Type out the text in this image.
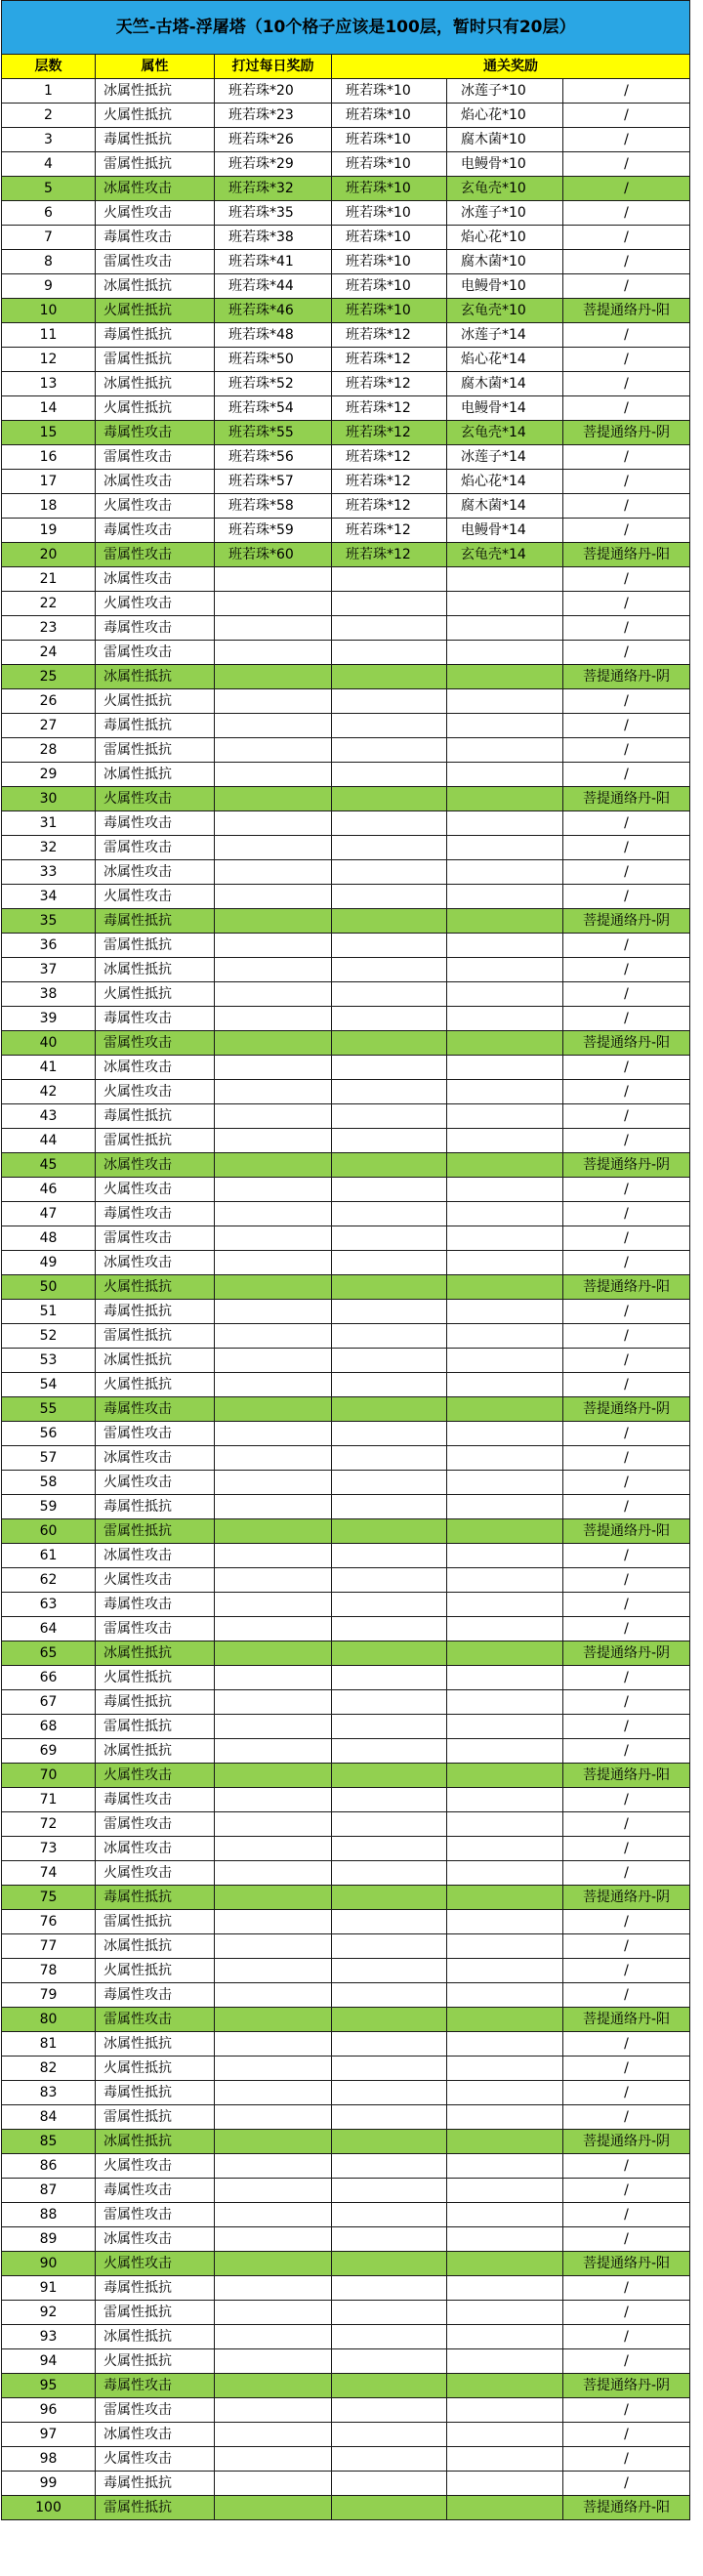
天竺-古塔-浮屠塔（10个格子应该是100层，暂时只有20层）					
层数	属性	打过每日奖励	通关奖励		
1	冰属性抵抗	班若珠*20	班若珠*10	冰莲子*10	/
2	火属性抵抗	班若珠*23	班若珠*10	焰心花*10	/
3	毒属性抵抗	班若珠*26	班若珠*10	腐木菌*10	/
4	雷属性抵抗	班若珠*29	班若珠*10	电鳗骨*10	/
5	冰属性攻击	班若珠*32	班若珠*10	玄龟壳*10	/
6	火属性攻击	班若珠*35	班若珠*10	冰莲子*10	/
7	毒属性攻击	班若珠*38	班若珠*10	焰心花*10	/
8	雷属性攻击	班若珠*41	班若珠*10	腐木菌*10	/
9	冰属性抵抗	班若珠*44	班若珠*10	电鳗骨*10	/
10	火属性抵抗	班若珠*46	班若珠*10	玄龟壳*10	菩提通络丹-阳
11	毒属性抵抗	班若珠*48	班若珠*12	冰莲子*14	/
12	雷属性抵抗	班若珠*50	班若珠*12	焰心花*14	/
13	冰属性抵抗	班若珠*52	班若珠*12	腐木菌*14	/
14	火属性抵抗	班若珠*54	班若珠*12	电鳗骨*14	/
15	毒属性攻击	班若珠*55	班若珠*12	玄龟壳*14	菩提通络丹-阴
16	雷属性攻击	班若珠*56	班若珠*12	冰莲子*14	/
17	冰属性攻击	班若珠*57	班若珠*12	焰心花*14	/
18	火属性攻击	班若珠*58	班若珠*12	腐木菌*14	/
19	毒属性攻击	班若珠*59	班若珠*12	电鳗骨*14	/
20	雷属性攻击	班若珠*60	班若珠*12	玄龟壳*14	菩提通络丹-阳
21	冰属性攻击				/
22	火属性攻击				/
23	毒属性攻击				/
24	雷属性攻击				/
25	冰属性抵抗				菩提通络丹-阴
26	火属性抵抗				/
27	毒属性抵抗				/
28	雷属性抵抗				/
29	冰属性抵抗				/
30	火属性攻击				菩提通络丹-阳
31	毒属性攻击				/
32	雷属性攻击				/
33	冰属性攻击				/
34	火属性攻击				/
35	毒属性抵抗				菩提通络丹-阴
36	雷属性抵抗				/
37	冰属性抵抗				/
38	火属性抵抗				/
39	毒属性攻击				/
40	雷属性攻击				菩提通络丹-阳
41	冰属性攻击				/
42	火属性攻击				/
43	毒属性抵抗				/
44	雷属性抵抗				/
45	冰属性攻击				菩提通络丹-阴
46	火属性攻击				/
47	毒属性攻击				/
48	雷属性攻击				/
49	冰属性攻击				/
50	火属性抵抗				菩提通络丹-阳
51	毒属性抵抗				/
52	雷属性抵抗				/
53	冰属性抵抗				/
54	火属性抵抗				/
55	毒属性攻击				菩提通络丹-阴
56	雷属性攻击				/
57	冰属性攻击				/
58	火属性攻击				/
59	毒属性抵抗				/
60	雷属性抵抗				菩提通络丹-阳
61	冰属性攻击				/
62	火属性攻击				/
63	毒属性攻击				/
64	雷属性攻击				/
65	冰属性抵抗				菩提通络丹-阴
66	火属性抵抗				/
67	毒属性抵抗				/
68	雷属性抵抗				/
69	冰属性抵抗				/
70	火属性攻击				菩提通络丹-阳
71	毒属性攻击				/
72	雷属性攻击				/
73	冰属性攻击				/
74	火属性攻击				/
75	毒属性抵抗				菩提通络丹-阴
76	雷属性抵抗				/
77	冰属性抵抗				/
78	火属性抵抗				/
79	毒属性攻击				/
80	雷属性攻击				菩提通络丹-阳
81	冰属性抵抗				/
82	火属性抵抗				/
83	毒属性抵抗				/
84	雷属性抵抗				/
85	冰属性抵抗				菩提通络丹-阴
86	火属性攻击				/
87	毒属性攻击				/
88	雷属性攻击				/
89	冰属性攻击				/
90	火属性攻击				菩提通络丹-阳
91	毒属性抵抗				/
92	雷属性抵抗				/
93	冰属性抵抗				/
94	火属性抵抗				/
95	毒属性攻击				菩提通络丹-阴
96	雷属性攻击				/
97	冰属性攻击				/
98	火属性攻击				/
99	毒属性抵抗				/
100	雷属性抵抗				菩提通络丹-阳
